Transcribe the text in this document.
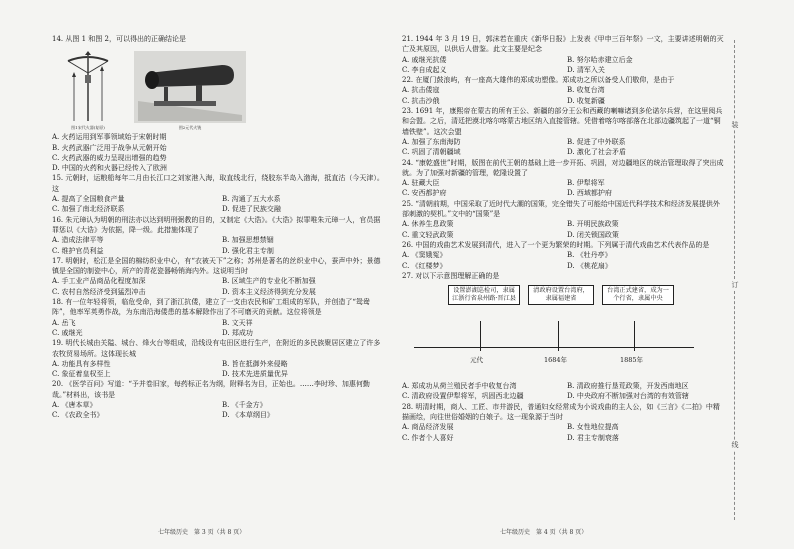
14. 从图 1 和图 2，可以得出的正确结论是
图1宋代火器(复原)	图2元代火铳
A. 火药运用到军事领域始于宋朝时期
B. 火药武器广泛用于战争从元朝开始
C. 火药武器的威力呈现出增强的趋势
D. 中国的火药和火器已经传入了欧洲
15. 元朝时，运粮船每年二月由长江口之刘家港入海，取直线北行，绕胶东半岛入渤海，抵直沽（今天津）。这
A. 提高了全国粮食产量	B. 沟通了五大水系
C. 加强了南北经济联系	D. 促进了民族交融
16. 朱元璋认为明朝的刑法亦以达到明刑弼教的目的，又制定《大诰》。《大诰》拟罪唯朱元璋一人，官员据罪惩以《大诰》为依据，降一级。此措施体现了
A. 造成法律平等	B. 加强思想禁锢
C. 维护官员利益	D. 强化君主专制
17. 明朝时，松江是全国的棉纺织业中心，有“衣被天下”之称；苏州是著名的丝织业中心，蚕声中外；景德镇是全国的制瓷中心，所产的青花瓷器畅销海内外。这说明当时
A. 手工业产品商品化程度加深	B. 区域生产的专业化不断加强
C. 农村自然经济受到猛烈冲击	D. 资本主义经济得到充分发展
18. 有一位年轻将领，临危受命，到了浙江抗倭，建立了一支由农民和矿工组成的军队，并创造了“鸳鸯阵”，他率军英勇作战，为东南沿海倭患的基本解除作出了不可磨灭的贡献。这位将领是
A. 岳飞	B. 文天祥
C. 戚继光	D. 郑成功
19. 明代长城由关隘、城台、烽火台等组成，沿线设有屯田区进行生产，在附近的多民族聚居区建立了许多农牧贸易场所。这体现长城
A. 功能具有多样性	B. 旨在抵御外来侵略
C. 象征着皇权至上	D. 技术先进质量优异
20. 《医学百问》写道：“予并卷旧家，每药标正名为纲，附释名为目，正始也。……李时珍、加惠何勤哉。”材料出，该书是
A. 《唐本草》	B. 《千金方》
C. 《农政全书》	D. 《本草纲目》
七年级历史　第 3 页（共 8 页）
21. 1944 年 3 月 19 日，郭沫若在重庆《新华日报》上发表《甲申三百年祭》一文，主要讲述明朝的灭亡及其原因，以供后人借鉴。此文主要是纪念
A. 戚继光抗倭	B. 努尔哈赤建立后金
C. 李自成起义	D. 清军入关
22. 在厦门鼓浪屿，有一座高大雄伟的郑成功塑像。郑成功之所以备受人们敬仰，是由于
A. 抗击倭寇	B. 收复台湾
C. 抗击沙俄	D. 收复新疆
23. 1691 年，康熙帝在蒙古的所有王公、新疆的部分王公和西藏的喇嘛诸到多伦诺尔兵营，在这里阅兵和会盟。之后，清廷把漠北喀尔喀蒙古地区纳入直接管辖。凭借着喀尔喀部落在北部边疆筑起了一道“铜墙铁壁”。这次会盟
A. 加强了东南海防	B. 促进了中外联系
C. 巩固了清朝疆域	D. 激化了社会矛盾
24. “康乾盛世”时期，版图在前代王朝的基础上进一步开拓、巩固，对边疆地区的统治管理取得了突出成就。为了加强对新疆的管理，乾隆设置了
A. 驻藏大臣	B. 伊犁将军
C. 安西都护府	D. 西域都护府
25. “清朝前期，中国采取了近时代大潮的国策，完全错失了可能给中国近代科学技术和经济发展提供外部刺激的契机。”文中的“国策”是
A. 休养生息政策	B. 开明民族政策
C. 重文轻武政策	D. 闭关锁国政策
26. 中国的戏曲艺术发展到清代，进入了一个更为繁荣的时期。下列属于清代戏曲艺术代表作品的是
A. 《窦娥冤》	B. 《牡丹亭》
C. 《红楼梦》	D. 《桃花扇》
27. 对以下示意图理解正确的是
设置澎湖巡检司，隶属江浙行省泉州路·晋江县
清政府设置台湾府，隶属福建省
台湾正式建省，成为一个行省，隶属中央
元代	1684年	1885年
A. 郑成功从荷兰殖民者手中收复台湾	B. 清政府推行垦荒政策，开发西南地区
C. 清政府设置伊犁将军，巩固西北边疆	D. 中央政府不断加强对台湾的有效管辖
28. 明清时期，商人、工匠、市井游民，普通妇女经常成为小说戏曲的主人公，如《三言》《二拍》中精描画绘，向往世俗婚姻的白娘子。这一现象源于当时
A. 商品经济发展	B. 女性地位提高
C. 作者个人喜好	D. 君主专制衰落
七年级历史　第 4 页（共 8 页）
装
订
线
